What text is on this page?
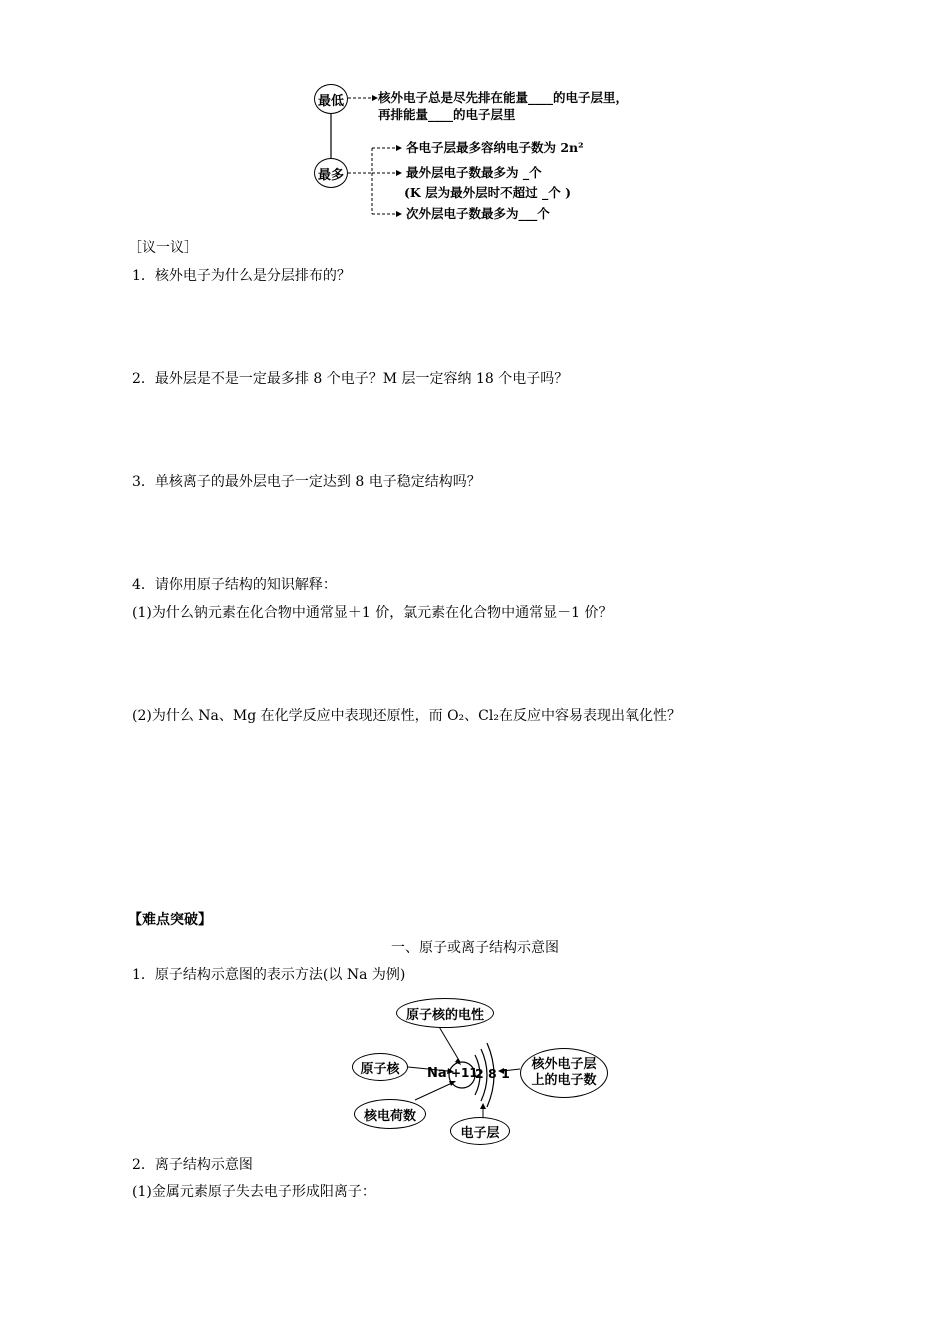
最低
最多
核外电子总是尽先排在能量____的电子层里，
再排能量____的电子层里
各电子层最多容纳电子数为 2n²
最外层电子数最多为 _个
(K 层为最外层时不超过 _个 )
次外层电子数最多为___个
［议一议］
1．核外电子为什么是分层排布的？
2．最外层是不是一定最多排 8 个电子？M 层一定容纳 18 个电子吗？
3．单核离子的最外层电子一定达到 8 电子稳定结构吗？
4．请你用原子结构的知识解释：
(1)为什么钠元素在化合物中通常显＋1 价，氯元素在化合物中通常显－1 价？
(2)为什么 Na、Mg 在化学反应中表现还原性，而 O₂、Cl₂在反应中容易表现出氧化性？
【难点突破】
一、原子或离子结构示意图
1．原子结构示意图的表示方法(以 Na 为例)
原子核的电性
原子核
核电荷数
电子层
核外电子层
上的电子数
Na +11
2 8 1
2．离子结构示意图
(1)金属元素原子失去电子形成阳离子：
